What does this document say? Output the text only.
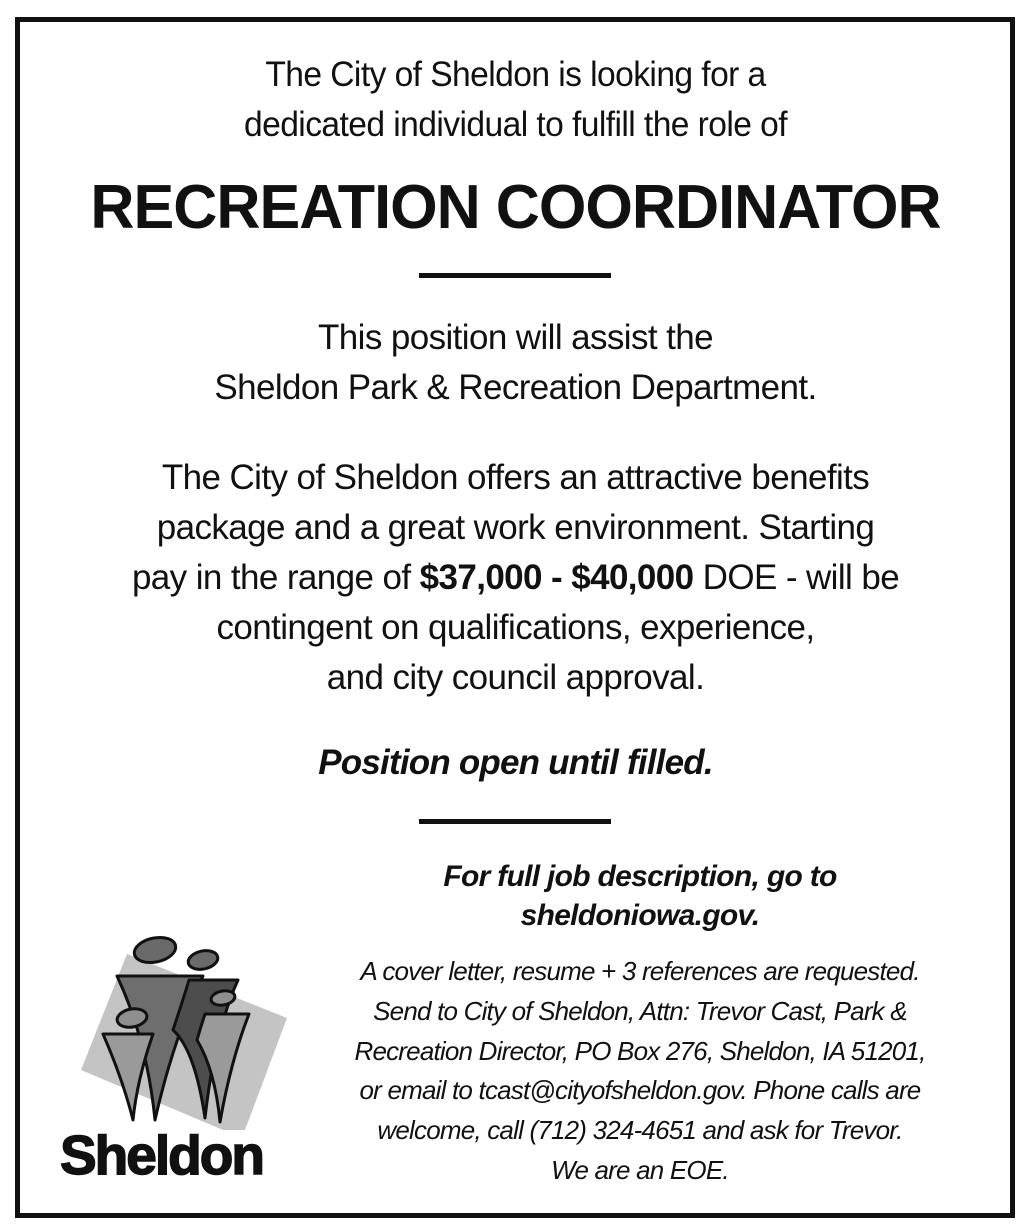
The City of Sheldon is looking for a
dedicated individual to fulfill the role of
RECREATION COORDINATOR
This position will assist the
Sheldon Park & Recreation Department.
The City of Sheldon offers an attractive benefits
package and a great work environment. Starting
pay in the range of $37,000 - $40,000 DOE - will be
contingent on qualifications, experience,
and city council approval.
Position open until filled.
For full job description, go to
sheldoniowa.gov.
A cover letter, resume + 3 references are requested.
Send to City of Sheldon, Attn: Trevor Cast, Park &
Recreation Director, PO Box 276, Sheldon, IA 51201,
or email to tcast@cityofsheldon.gov. Phone calls are
welcome, call (712) 324-4651 and ask for Trevor.
We are an EOE.
Sheldon
